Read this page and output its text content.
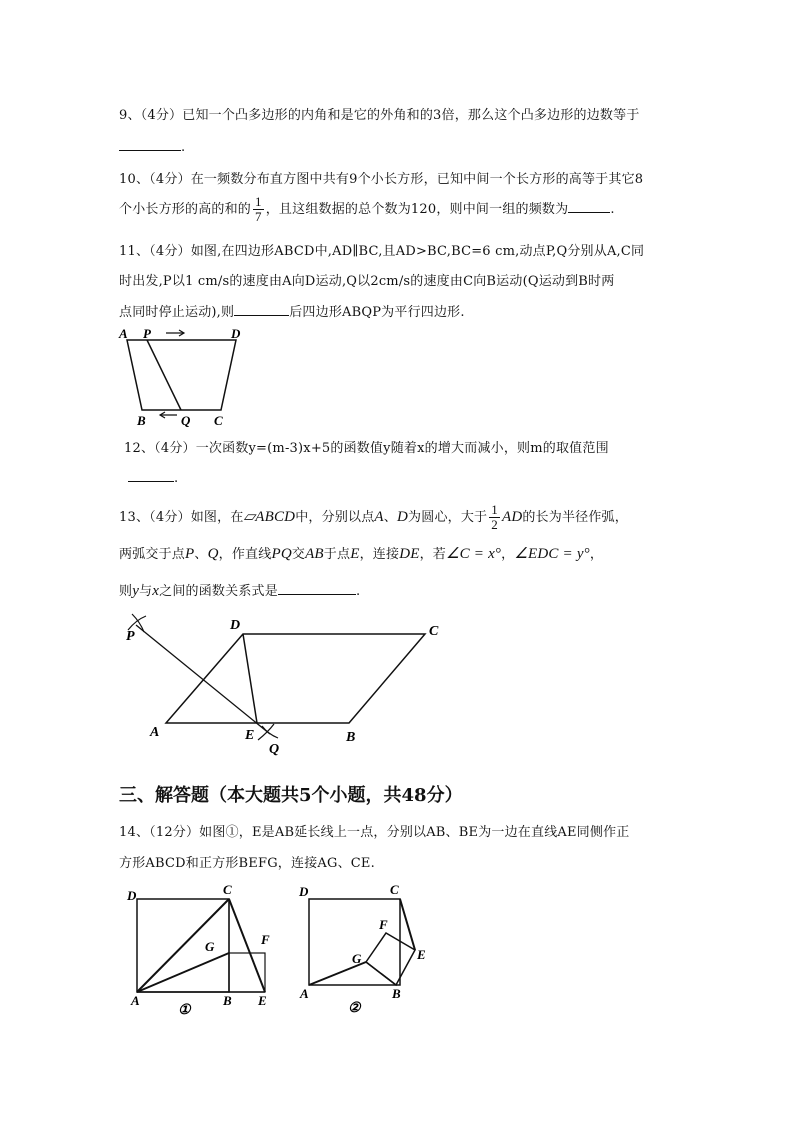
9、（4分）已知一个凸多边形的内角和是它的外角和的3倍，那么这个凸多边形的边数等于
.
10、（4分）在一频数分布直方图中共有9个小长方形，已知中间一个长方形的高等于其它8
个小长方形的高的和的 $\frac{1}{7}$ ，且这组数据的总个数为120，则中间一组的频数为	.
11、（4分）如图,在四边形ABCD中,AD∥BC,且AD>BC,BC=6 cm,动点P,Q分别从A,C同
时出发,P以1 cm/s的速度由A向D运动,Q以2cm/s的速度由C向B运动(Q运动到B时两
点同时停止运动),则	后四边形ABQP为平行四边形.
A P	D
B	Q C
12、（4分）一次函数y=(m-3)x+5的函数值y随着x的增大而减小，则m的取值范围
.
13、（4分）如图，在▱ABCD中，分别以点A、D为圆心，大于 $\frac{1}{2}$ AD的长为半径作弧，
两弧交于点P、Q，作直线PQ交AB于点E，连接DE，若∠C = x°，∠EDC = y°，
则y与x之间的函数关系式是	.
P
D	C
A	E
Q
B
三、解答题（本大题共5个小题，共48分）
14、（12分）如图①，E是AB延长线上一点，分别以AB、BE为一边在直线AE同侧作正
方形ABCD和正方形BEFG，连接AG、CE.
D	C
G	F
A	B E
①
D	C
F
G	E
A	B
②
